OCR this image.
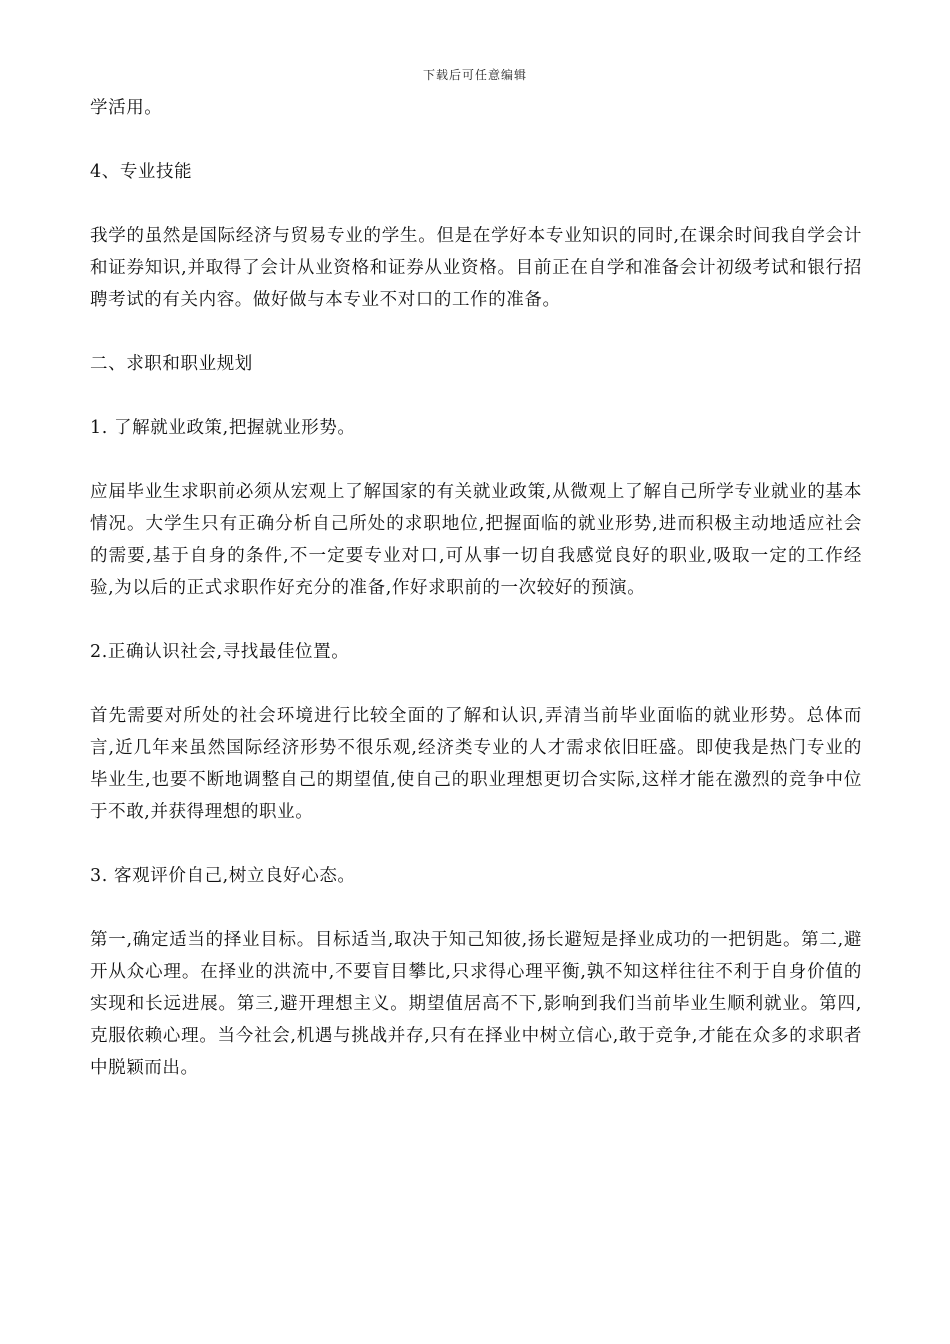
下载后可任意编辑

学活用。

4、专业技能

我学的虽然是国际经济与贸易专业的学生。但是在学好本专业知识的同时,在课余时间我自学会计和证券知识,并取得了会计从业资格和证券从业资格。目前正在自学和准备会计初级考试和银行招聘考试的有关内容。做好做与本专业不对口的工作的准备。

二、求职和职业规划

1. 了解就业政策,把握就业形势。

应届毕业生求职前必须从宏观上了解国家的有关就业政策,从微观上了解自己所学专业就业的基本情况。大学生只有正确分析自己所处的求职地位,把握面临的就业形势,进而积极主动地适应社会的需要,基于自身的条件,不一定要专业对口,可从事一切自我感觉良好的职业,吸取一定的工作经验,为以后的正式求职作好充分的准备,作好求职前的一次较好的预演。

2.正确认识社会,寻找最佳位置。

首先需要对所处的社会环境进行比较全面的了解和认识,弄清当前毕业面临的就业形势。总体而言,近几年来虽然国际经济形势不很乐观,经济类专业的人才需求依旧旺盛。即使我是热门专业的毕业生,也要不断地调整自己的期望值,使自己的职业理想更切合实际,这样才能在激烈的竞争中位于不敢,并获得理想的职业。

3. 客观评价自己,树立良好心态。

第一,确定适当的择业目标。目标适当,取决于知己知彼,扬长避短是择业成功的一把钥匙。第二,避开从众心理。在择业的洪流中,不要盲目攀比,只求得心理平衡,孰不知这样往往不利于自身价值的实现和长远进展。第三,避开理想主义。期望值居高不下,影响到我们当前毕业生顺利就业。第四,克服依赖心理。当今社会,机遇与挑战并存,只有在择业中树立信心,敢于竞争,才能在众多的求职者中脱颖而出。
